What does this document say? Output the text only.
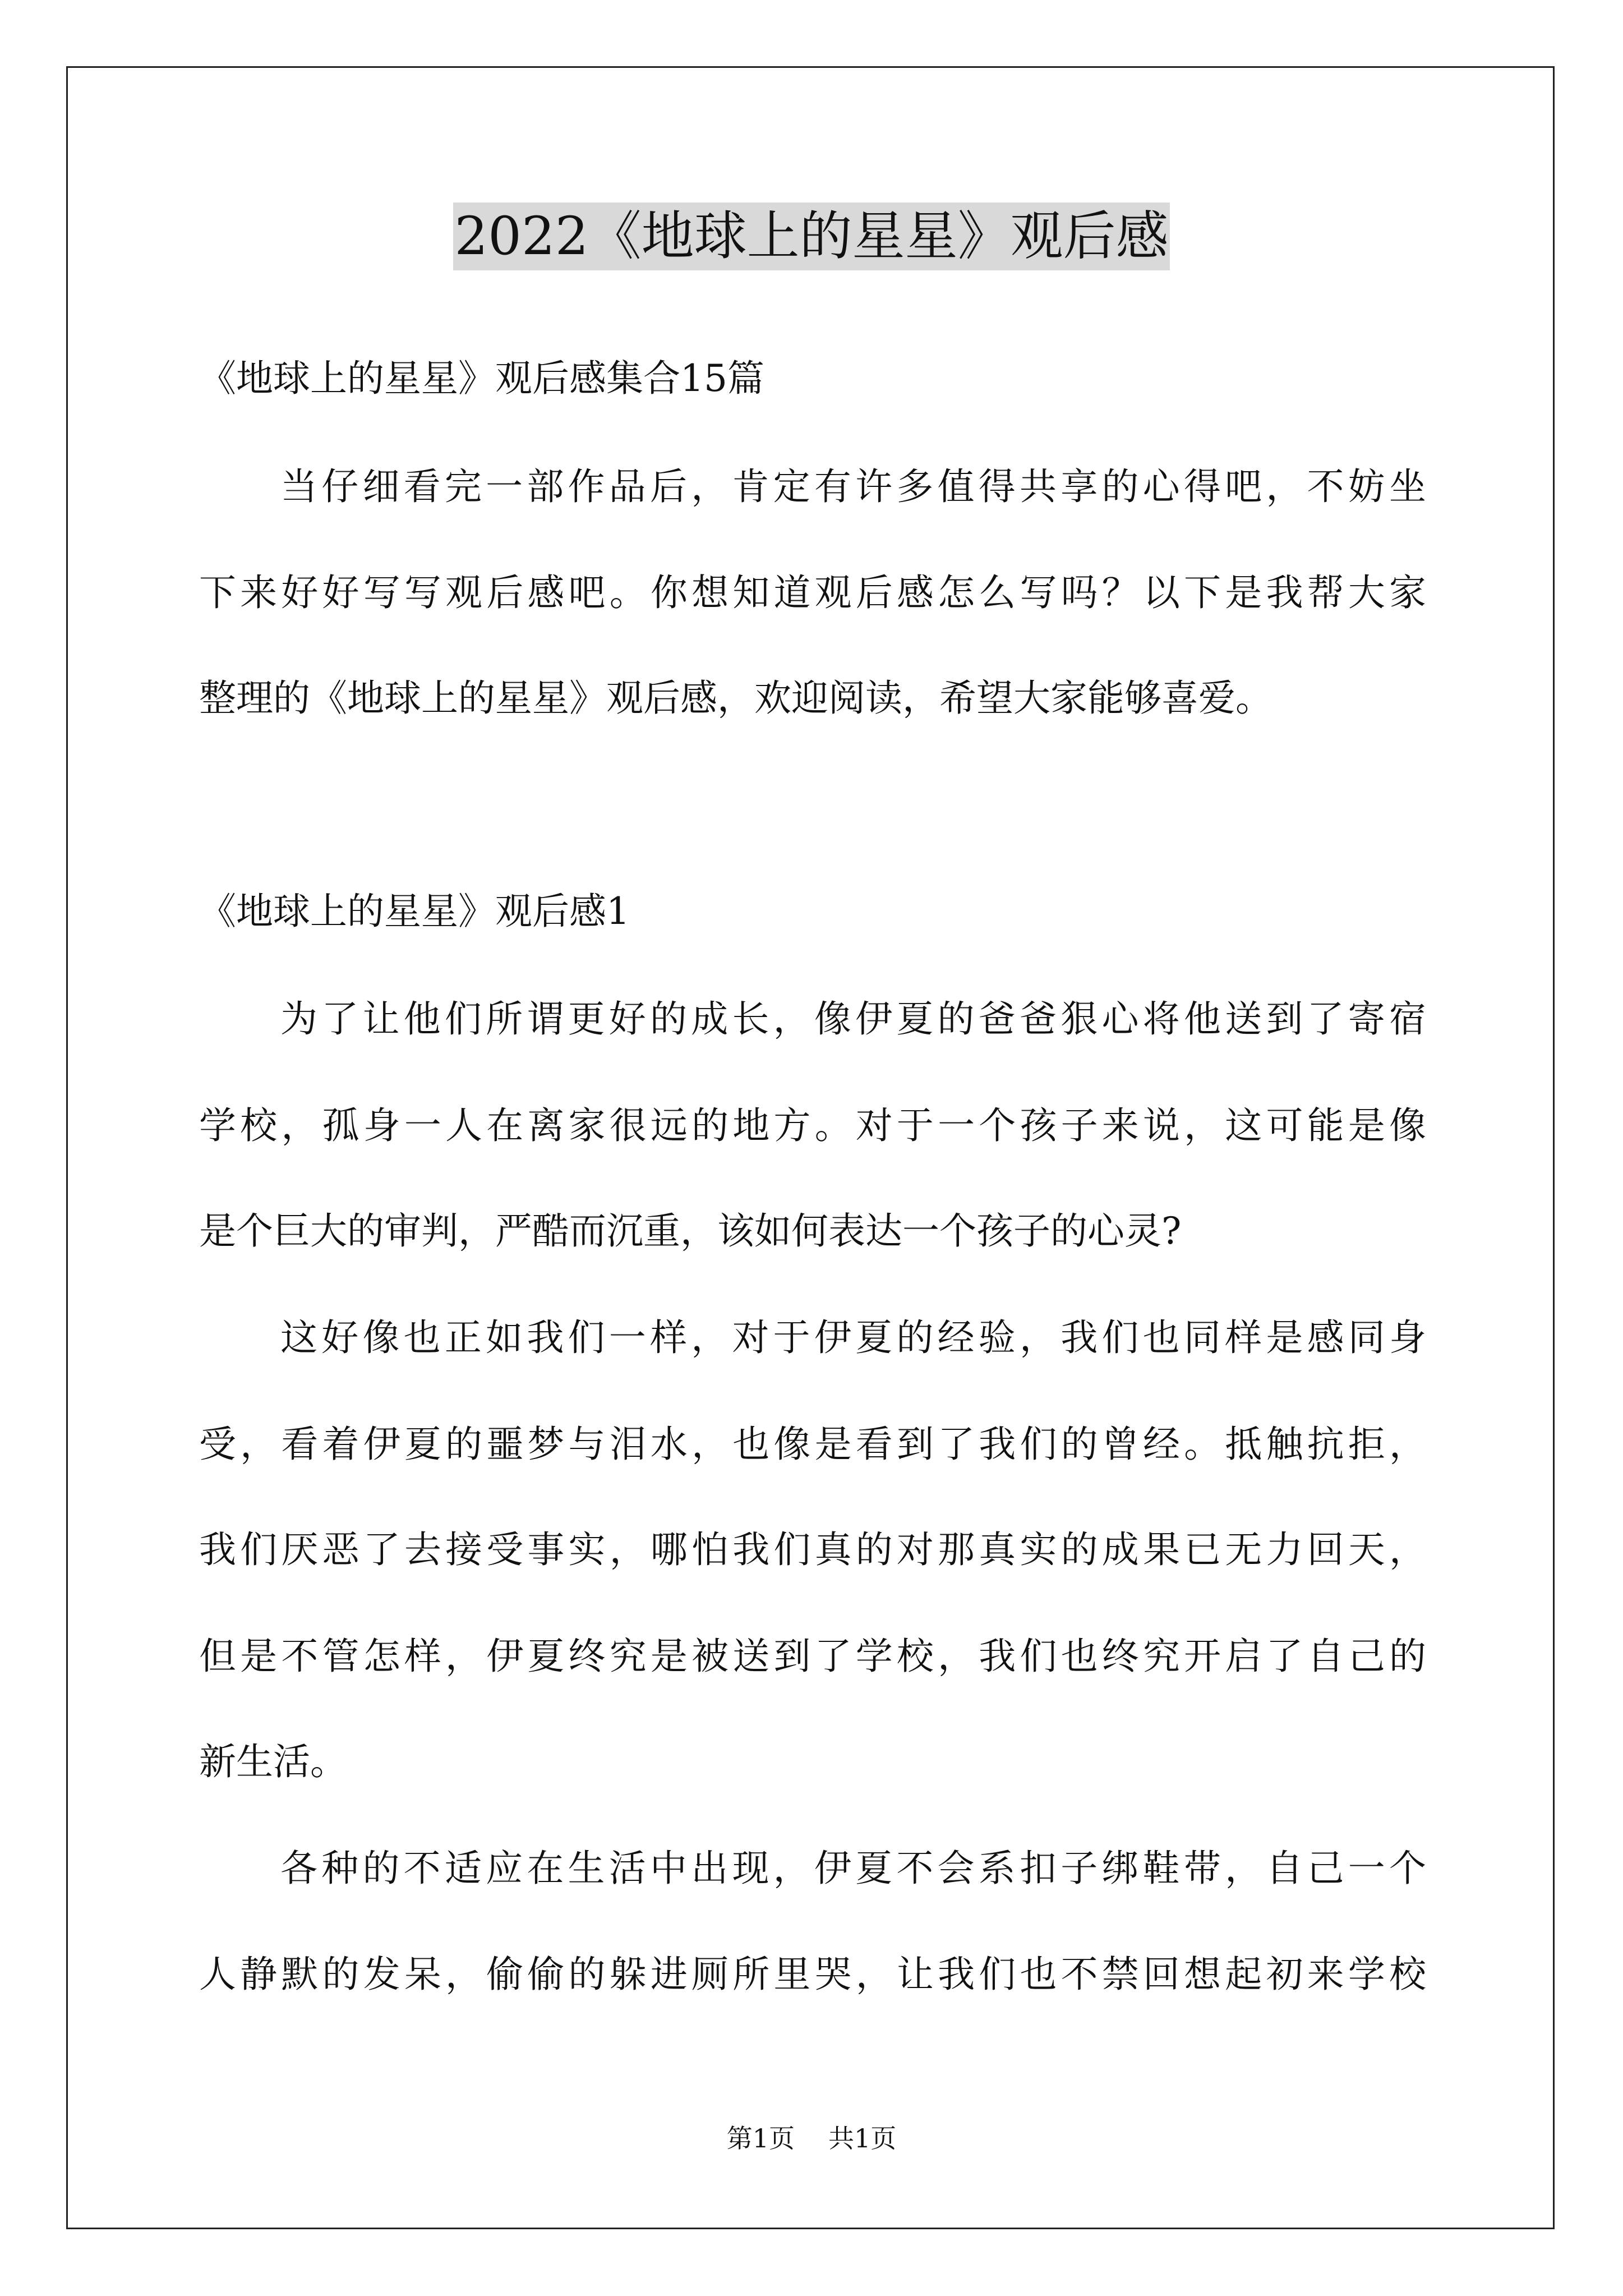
2022《地球上的星星》观后感
《地球上的星星》观后感集合15篇
当仔细看完一部作品后，肯定有许多值得共享的心得吧，不妨坐
下来好好写写观后感吧。你想知道观后感怎么写吗？以下是我帮大家
整理的《地球上的星星》观后感，欢迎阅读，希望大家能够喜爱。
《地球上的星星》观后感1
为了让他们所谓更好的成长，像伊夏的爸爸狠心将他送到了寄宿
学校，孤身一人在离家很远的地方。对于一个孩子来说，这可能是像
是个巨大的审判，严酷而沉重，该如何表达一个孩子的心灵?
这好像也正如我们一样，对于伊夏的经验，我们也同样是感同身
受，看着伊夏的噩梦与泪水，也像是看到了我们的曾经。抵触抗拒，
我们厌恶了去接受事实，哪怕我们真的对那真实的成果已无力回天，
但是不管怎样，伊夏终究是被送到了学校，我们也终究开启了自己的
新生活。
各种的不适应在生活中出现，伊夏不会系扣子绑鞋带，自己一个
人静默的发呆，偷偷的躲进厕所里哭，让我们也不禁回想起初来学校
第1页 共1页
